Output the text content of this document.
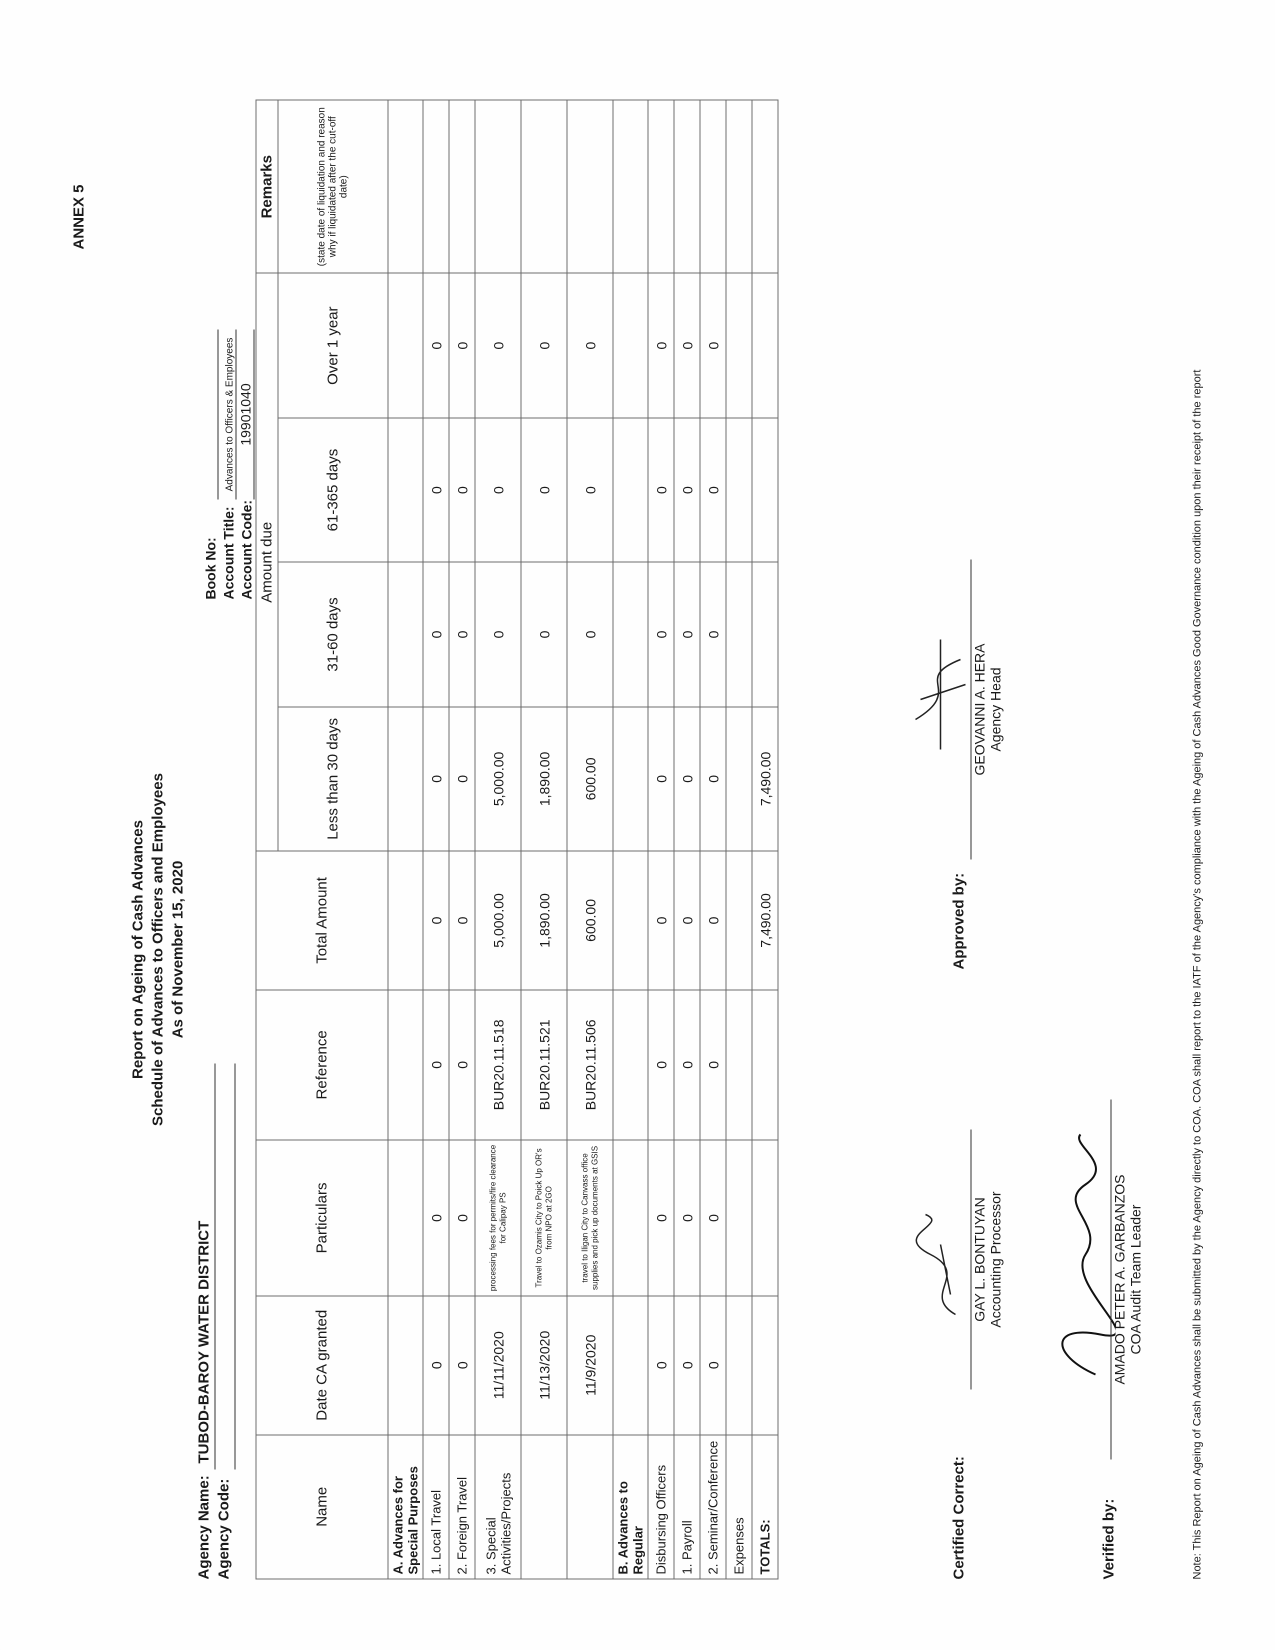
ANNEX 5
Report on Ageing of Cash Advances Schedule of Advances to Officers and Employees As of November 15, 2020
Agency Name:
TUBOD-BAROY WATER DISTRICT
Agency Code:
Book No: Account Title:
Advances to Officers & Employees
Account Code:
19901040
Name	Date CA granted	Particulars	Reference	Total Amount	Amount due				Remarks
					Less than 30 days	31-60 days	61-365 days	Over 1 year	(state date of liquidation and reason why if liquidated after the cut-off date)
A. Advances for Special Purposes									
1. Local Travel	0	0	0	0	0	0	0	0	
2. Foreign Travel	0	0	0	0	0	0	0	0	
3. Special Activities/Projects	11/11/2020	processing fees for permits/fire clearance for Calipay PS	BUR20.11.518	5,000.00	5,000.00	0	0	0	
	11/13/2020	Travel to Ozamis City to Poick Up OR's from NPO at 2GO	BUR20.11.521	1,890.00	1,890.00	0	0	0	
	11/9/2020	travel to Iligan City to Canvass office supplies and pick up documents at GSIS	BUR20.11.506	600.00	600.00	0	0	0	
B. Advances to Regular									
Disbursing Officers	0	0	0	0	0	0	0	0	
1. Payroll	0	0	0	0	0	0	0	0	
2. Seminar/Conference	0	0	0	0	0	0	0	0	
Expenses									
TOTALS:				7,490.00	7,490.00				
Certified Correct:
GAY L. BONTUYAN Accounting Processor
Approved by:
GEOVANNI A. HERA Agency Head
Verified by:
AMADO PETER A. GARBANZOS COA Audit Team Leader	Note: This Report on Ageing of Cash Advances shall be submitted by the Agency directly to COA. COA shall report to the IATF of the Agency's compliance with the Ageing of Cash Advances Good Governance condition upon their receipt of the report
